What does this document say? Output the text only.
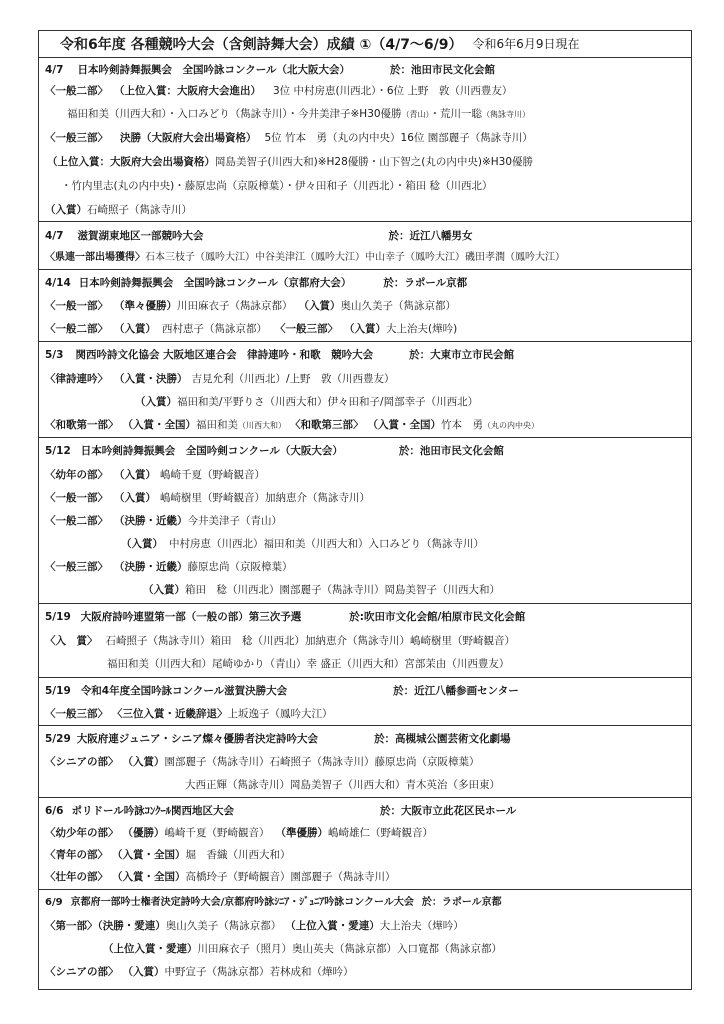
令和6年度 各種競吟大会（含剣詩舞大会）成績 ①（4/7〜6/9） 令和6年6月9日現在
4/7 日本吟剣詩舞振興会　全国吟詠コンクール（北大阪大会）	於：池田市民文化会館
〈一般二部〉 （上位入賞：大阪府大会進出） 3位 中村房恵(川西北）・6位 上野　敦（川西豊友）
福田和美（川西大和）・入口みどり（雋詠寺川）・今井美津子※H30優勝（青山）・荒川一聡（雋詠寺川）
〈一般三部〉 決勝（大阪府大会出場資格） 5位 竹本　勇（丸の内中央）16位 園部麗子（雋詠寺川）
（上位入賞：大阪府大会出場資格）岡島美智子(川西大和)※H28優勝・山下智之(丸の内中央)※H30優勝
・竹内里志(丸の内中央)・藤原忠尚（京阪樟葉）・伊々田和子（川西北）・箱田 稔（川西北）
（入賞）石崎照子（雋詠寺川）
4/7 滋賀湖東地区一部競吟大会	於：近江八幡男女
〈県連一部出場獲得〉石本三枝子（鳳吟大江）中谷美津江（鳳吟大江）中山幸子（鳳吟大江）磯田孝潤（鳳吟大江）
4/14 日本吟剣詩舞振興会　全国吟詠コンクール（京都府大会）	於：ラポール京都
〈一般一部〉 （準々優勝）川田麻衣子（雋詠京都） （入賞）奥山久美子（雋詠京都）
〈一般二部〉 （入賞） 西村恵子（雋詠京都） 〈一般三部〉 （入賞）大上治夫(燁吟)
5/3 関西吟詩文化協会 大阪地区連合会　律詩連吟・和歌　競吟大会	於：大東市立市民会館
〈律詩連吟〉 （入賞・決勝） 吉見允利（川西北）/上野　敦（川西豊友）
（入賞）福田和美/平野りさ（川西大和）伊々田和子/岡部幸子（川西北）
〈和歌第一部〉 （入賞・全国）福田和美（川西大和） 〈和歌第三部〉 （入賞・全国）竹本　勇（丸の内中央）
5/12 日本吟剣詩舞振興会　全国吟剣コンクール（大阪大会）	於：池田市民文化会館
〈幼年の部〉 （入賞） 嶋崎千夏（野崎観音）
〈一般一部〉 （入賞） 嶋崎樹里（野崎観音）加納恵介（雋詠寺川）
〈一般二部〉 （決勝・近畿）今井美津子（青山）
（入賞） 中村房恵（川西北）福田和美（川西大和）入口みどり（雋詠寺川）
〈一般三部〉 （決勝・近畿）藤原忠尚（京阪樟葉）
（入賞）箱田　稔（川西北）園部麗子（雋詠寺川）岡島美智子（川西大和）
5/19 大阪府詩吟連盟第一部（一般の部）第三次予選	於:吹田市文化会館/柏原市民文化会館
〈入　賞〉 石崎照子（雋詠寺川）箱田　稔（川西北）加納恵介（雋詠寺川）嶋崎樹里（野崎観音）
福田和美（川西大和）尾崎ゆかり（青山）幸 盛正（川西大和）宮部茉由（川西豊友）
5/19 令和4年度全国吟詠コンクール滋賀決勝大会	於：近江八幡参画センター
〈一般三部〉 〈三位入賞・近畿辞退〉上坂逸子（鳳吟大江）
5/29 大阪府連ジュニア・シニア燦々優勝者決定詩吟大会	於：高槻城公園芸術文化劇場
〈シニアの部〉 （入賞）園部麗子（雋詠寺川）石崎照子（雋詠寺川）藤原忠尚（京阪樟葉）
大西正輝（雋詠寺川）岡島美智子（川西大和）青木英治（多田東）
6/6 ポリドール吟詠ｺﾝｸｰﾙ関西地区大会	於：大阪市立此花区民ホール
〈幼少年の部〉 （優勝）嶋崎千夏（野崎観音） （準優勝）嶋崎雄仁（野崎観音）
〈青年の部〉 （入賞・全国）堀　香織（川西大和）
〈壮年の部〉 （入賞・全国）高橋玲子（野崎観音）園部麗子（雋詠寺川）
6/9 京都府一部吟士権者決定詩吟大会/京都府吟詠ｼﾆｱ・ｼﾞｭﾆｱ吟詠コンクール大会 於：ラポール京都
〈第一部〉（決勝・愛連）奥山久美子（雋詠京都） （上位入賞・愛連）大上治夫（燁吟）
（上位入賞・愛連）川田麻衣子（照月）奥山英夫（雋詠京都）入口寛都（雋詠京都）
〈シニアの部〉 （入賞）中野宣子（雋詠京都）若林成和（燁吟）
